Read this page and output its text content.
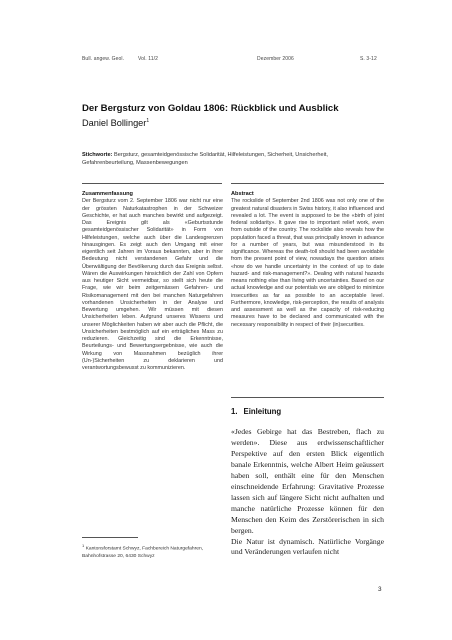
Bull. angew. Geol.	Vol. 11/2	Dezember 2006	S. 3-12
Der Bergsturz von Goldau 1806: Rückblick und Ausblick
Daniel Bollinger$^1$
Stichworte: Bergsturz, gesamteidgenössische Solidarität, Hilfeleistungen, Sicherheit, Unsicherheit, Gefahrenbeurteilung, Massenbewegungen
Zusammenfassung

Der Bergsturz vom 2. September 1806 war nicht nur eine der grössten Naturkatastrophen in der Schweizer Geschichte, er hat auch manches bewirkt und aufgezeigt. Das Ereignis gilt als «Geburtsstunde gesamteidgenössischer Solidarität» in Form von Hilfeleistungen, welche auch über die Landesgrenzen hinausgingen. Es zeigt auch den Umgang mit einer eigentlich seit Jahren im Voraus bekannten, aber in ihrer Bedeutung nicht verstandenen Gefahr und die Überwältigung der Bevölkerung durch das Ereignis selbst. Wären die Auswirkungen hinsichtlich der Zahl von Opfern aus heutiger Sicht vermeidbar, so stellt sich heute die Frage, wie wir beim zeitgemässen Gefahren- und Risikomanagement mit den bei manchen Naturgefahren vorhandenen Unsicherheiten in der Analyse und Bewertung umgehen. Wir müssen mit diesen Unsicherheiten leben. Aufgrund unseres Wissens und unserer Möglichkeiten haben wir aber auch die Pflicht, die Unsicherheiten bestmöglich auf ein erträgliches Mass zu reduzieren. Gleichzeitig sind die Erkenntnisse, Beurteilungs- und Bewertungsergebnisse, wie auch die Wirkung von Massnahmen bezüglich ihrer (Un-)Sicherheiten zu deklarieren und verantwortungsbewusst zu kommunizieren.

Abstract

The rockslide of September 2nd 1806 was not only one of the greatest natural disasters in Swiss history, it also influenced and revealed a lot. The event is supposed to be the «birth of joint federal solidarity». It gave rise to important relief work, even from outside of the country. The rockslide also reveals how the population faced a threat, that was principally known in advance for a number of years, but was misunderstood in its significance. Whereas the death-toll should had been avoidable from the present point of view, nowadays the question arises «how do we handle uncertainty in the context of up to date hazard- and risk-management?». Dealing with natural hazards means nothing else than living with uncertainties. Based on our actual knowledge and our potentials we are obliged to minimize insecurities as far as possible to an acceptable level. Furthermore, knowledge, risk-perception, the results of analysis and assessment as well as the capacity of risk-reducing measures have to be declared and communicated with the necessary responsibility in respect of their (in)securities.

1. Einleitung

«Jedes Gebirge hat das Bestreben, flach zu werden». Diese aus erdwissenschaftlicher Perspektive auf den ersten Blick eigentlich banale Erkenntnis, welche Albert Heim geäussert haben soll, enthält eine für den Menschen einschneidende Erfahrung: Gravitative Prozesse lassen sich auf längere Sicht nicht aufhalten und manche natürliche Prozesse können für den Menschen den Keim des Zerstörerischen in sich bergen.

Die Natur ist dynamisch. Natürliche Vorgänge und Veränderungen verlaufen nicht

$^1$ Kantonsforstamt Schwyz, Fachbereich Naturgefahren, Bahnhofstrasse 20, 6430 Schwyz
3
